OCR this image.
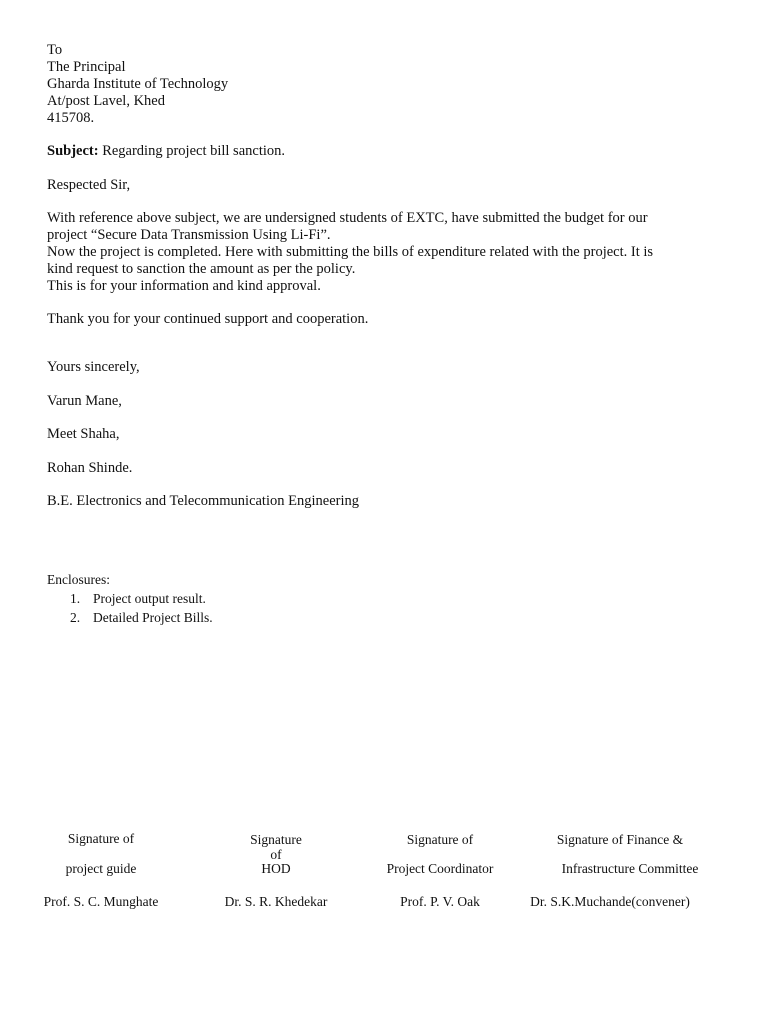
To
The Principal
Gharda Institute of Technology
At/post Lavel, Khed
415708.
Subject: Regarding project bill sanction.
Respected Sir,
With reference above subject, we are undersigned students of EXTC, have submitted the budget for our
project “Secure Data Transmission Using Li-Fi”.
Now the project is completed. Here with submitting the bills of expenditure related with the project. It is
kind request to sanction the amount as per the policy.
This is for your information and kind approval.
Thank you for your continued support and cooperation.
Yours sincerely,
Varun Mane,
Meet Shaha,
Rohan Shinde.
B.E. Electronics and Telecommunication Engineering
Enclosures:
1. Project output result.
2. Detailed Project Bills.
Signature of
project guide
Prof. S. C. Munghate
Signature
of
HOD
Dr. S. R. Khedekar
Signature of
Project Coordinator
Prof. P. V. Oak
Signature of Finance &
Infrastructure Committee
Dr. S.K.Muchande(convener)
